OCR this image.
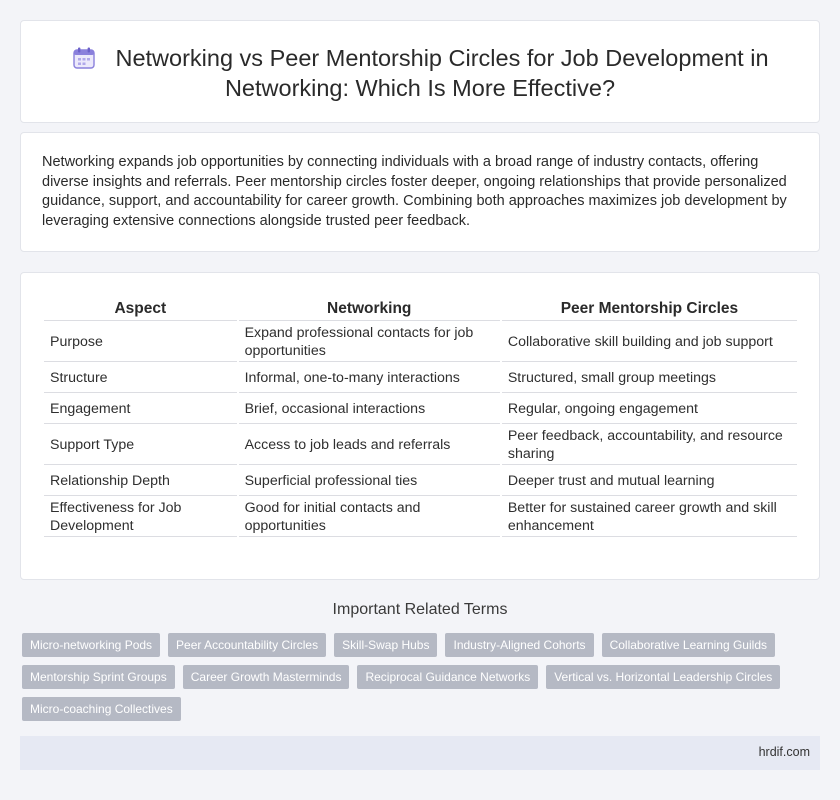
Networking vs Peer Mentorship Circles for Job Development in Networking: Which Is More Effective?

Networking expands job opportunities by connecting individuals with a broad range of industry contacts, offering diverse insights and referrals. Peer mentorship circles foster deeper, ongoing relationships that provide personalized guidance, support, and accountability for career growth. Combining both approaches maximizes job development by leveraging extensive connections alongside trusted peer feedback.

Aspect	Networking	Peer Mentorship Circles
Purpose	Expand professional contacts for job opportunities	Collaborative skill building and job support
Structure	Informal, one-to-many interactions	Structured, small group meetings
Engagement	Brief, occasional interactions	Regular, ongoing engagement
Support Type	Access to job leads and referrals	Peer feedback, accountability, and resource sharing
Relationship Depth	Superficial professional ties	Deeper trust and mutual learning
Effectiveness for Job Development	Good for initial contacts and opportunities	Better for sustained career growth and skill enhancement
Important Related Terms
Micro-networking Pods	Peer Accountability Circles	Skill-Swap Hubs	Industry-Aligned Cohorts	Collaborative Learning Guilds
Mentorship Sprint Groups	Career Growth Masterminds	Reciprocal Guidance Networks	Vertical vs. Horizontal Leadership Circles
Micro-coaching Collectives
hrdif.com
